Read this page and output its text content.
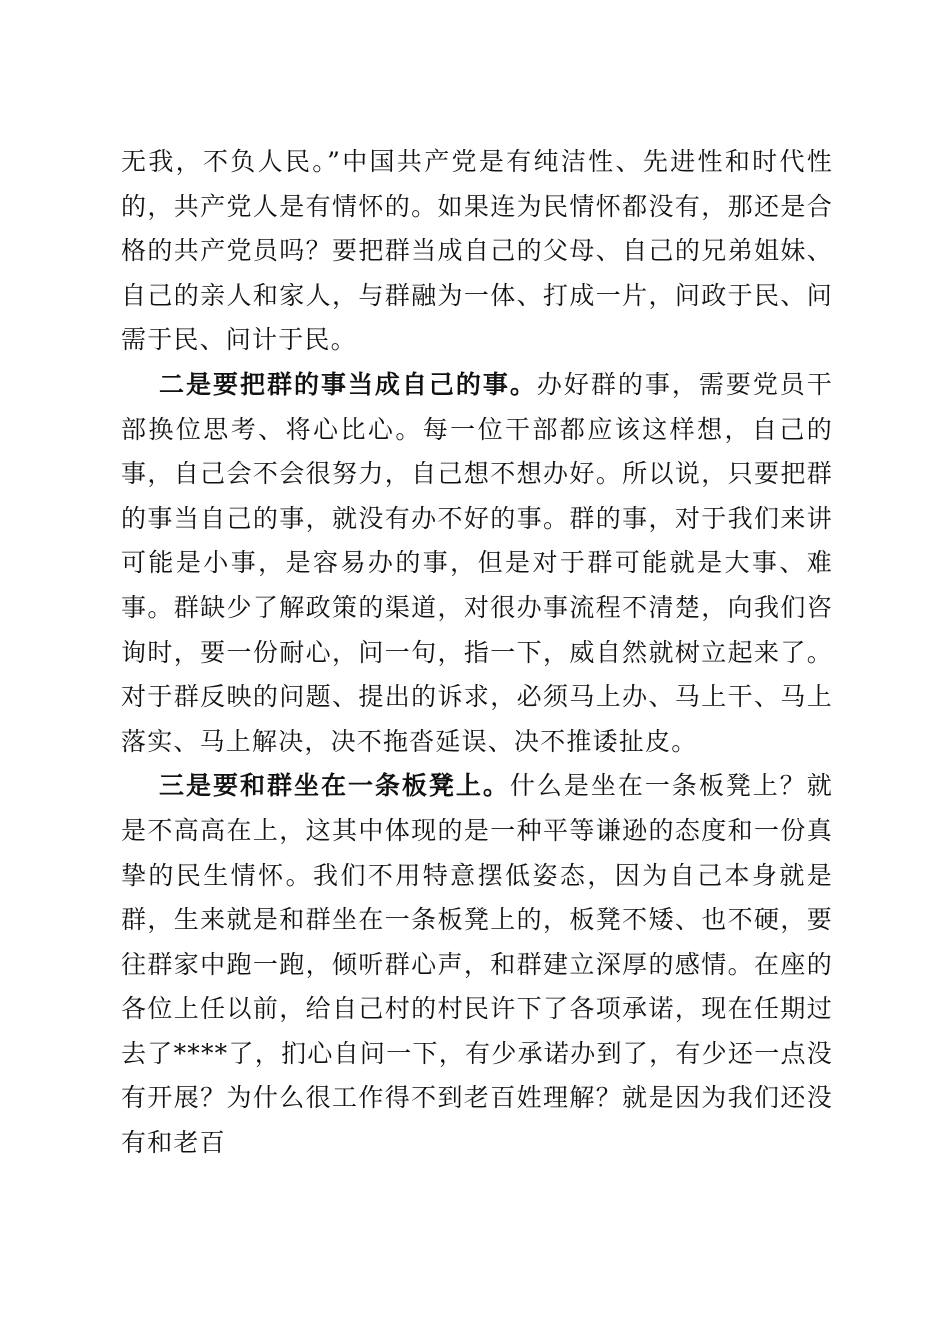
无我，不负人民。”中国共产党是有纯洁性、先进性和时代性的，共产党人是有情怀的。如果连为民情怀都没有，那还是合格的共产党员吗？要把群当成自己的父母、自己的兄弟姐妹、自己的亲人和家人，与群融为一体、打成一片，问政于民、问需于民、问计于民。

二是要把群的事当成自己的事。办好群的事，需要党员干部换位思考、将心比心。每一位干部都应该这样想，自己的事，自己会不会很努力，自己想不想办好。所以说，只要把群的事当自己的事，就没有办不好的事。群的事，对于我们来讲可能是小事，是容易办的事，但是对于群可能就是大事、难事。群缺少了解政策的渠道，对很办事流程不清楚，向我们咨询时，要一份耐心，问一句，指一下，威自然就树立起来了。对于群反映的问题、提出的诉求，必须马上办、马上干、马上落实、马上解决，决不拖沓延误、决不推诿扯皮。

三是要和群坐在一条板凳上。什么是坐在一条板凳上？就是不高高在上，这其中体现的是一种平等谦逊的态度和一份真挚的民生情怀。我们不用特意摆低姿态，因为自己本身就是群，生来就是和群坐在一条板凳上的，板凳不矮、也不硬，要往群家中跑一跑，倾听群心声，和群建立深厚的感情。在座的各位上任以前，给自己村的村民许下了各项承诺，现在任期过去了****了，扪心自问一下，有少承诺办到了，有少还一点没有开展？为什么很工作得不到老百姓理解？就是因为我们还没有和老百
